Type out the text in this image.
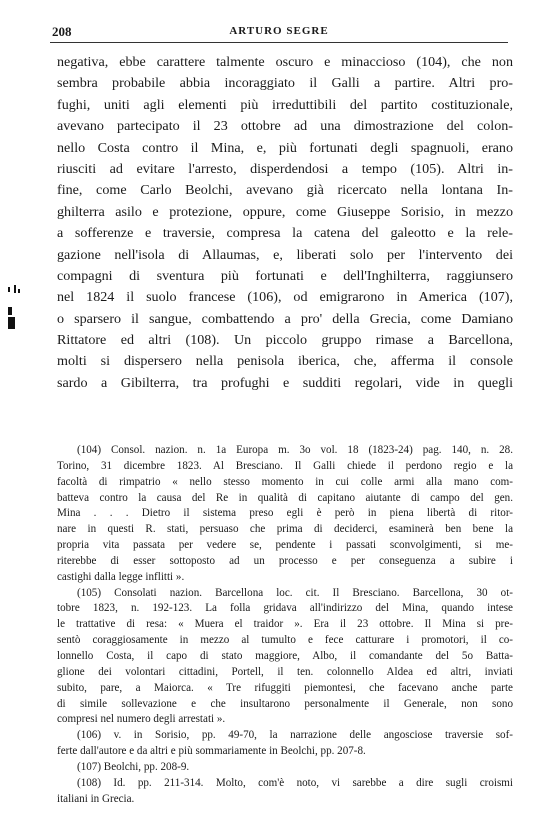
208	ARTURO SEGRE
negativa, ebbe carattere talmente oscuro e minaccioso (104), che non
sembra probabile abbia incoraggiato il Galli a partire. Altri pro-
fughi, uniti agli elementi più irreduttibili del partito costituzionale,
avevano partecipato il 23 ottobre ad una dimostrazione del colon-
nello Costa contro il Mina, e, più fortunati degli spagnuoli, erano
riusciti ad evitare l'arresto, disperdendosi a tempo (105). Altri in-
fine, come Carlo Beolchi, avevano già ricercato nella lontana In-
ghilterra asilo e protezione, oppure, come Giuseppe Sorisio, in mezzo
a sofferenze e traversie, compresa la catena del galeotto e la rele-
gazione nell'isola di Allaumas, e, liberati solo per l'intervento dei
compagni di sventura più fortunati e dell'Inghilterra, raggiunsero
nel 1824 il suolo francese (106), od emigrarono in America (107),
o sparsero il sangue, combattendo a pro' della Grecia, come Damiano
Rittatore ed altri (108). Un piccolo gruppo rimase a Barcellona,
molti si dispersero nella penisola iberica, che, afferma il console
sardo a Gibilterra, tra profughi e sudditi regolari, vide in quegli
(104) Consol. nazion. n. 1a Europa m. 3o vol. 18 (1823-24) pag. 140, n. 28.
Torino, 31 dicembre 1823. Al Bresciano. Il Galli chiede il perdono regio e la
facoltà di rimpatrio « nello stesso momento in cui colle armi alla mano com-
batteva contro la causa del Re in qualità di capitano aiutante di campo del gen.
Mina . . . Dietro il sistema preso egli è però in piena libertà di ritor-
nare in questi R. stati, persuaso che prima di deciderci, esaminerà ben bene la
propria vita passata per vedere se, pendente i passati sconvolgimenti, si me-
riterebbe di esser sottoposto ad un processo e per conseguenza a subire i
castighi dalla legge inflitti ».
(105) Consolati nazion. Barcellona loc. cit. Il Bresciano. Barcellona, 30 ot-
tobre 1823, n. 192-123. La folla gridava all'indirizzo del Mina, quando intese
le trattative di resa: « Muera el traidor ». Era il 23 ottobre. Il Mina si pre-
sentò coraggiosamente in mezzo al tumulto e fece catturare i promotori, il co-
lonnello Costa, il capo di stato maggiore, Albo, il comandante del 5o Batta-
glione dei volontari cittadini, Portell, il ten. colonnello Aldea ed altri, inviati
subito, pare, a Maiorca. « Tre rifuggiti piemontesi, che facevano anche parte
di simile sollevazione e che insultarono personalmente il Generale, non sono
compresi nel numero degli arrestati ».
(106) v. in Sorisio, pp. 49-70, la narrazione delle angosciose traversie sof-
ferte dall'autore e da altri e più sommariamente in Beolchi, pp. 207-8.
(107) Beolchi, pp. 208-9.
(108) Id. pp. 211-314. Molto, com'è noto, vi sarebbe a dire sugli croismi
italiani in Grecia.
